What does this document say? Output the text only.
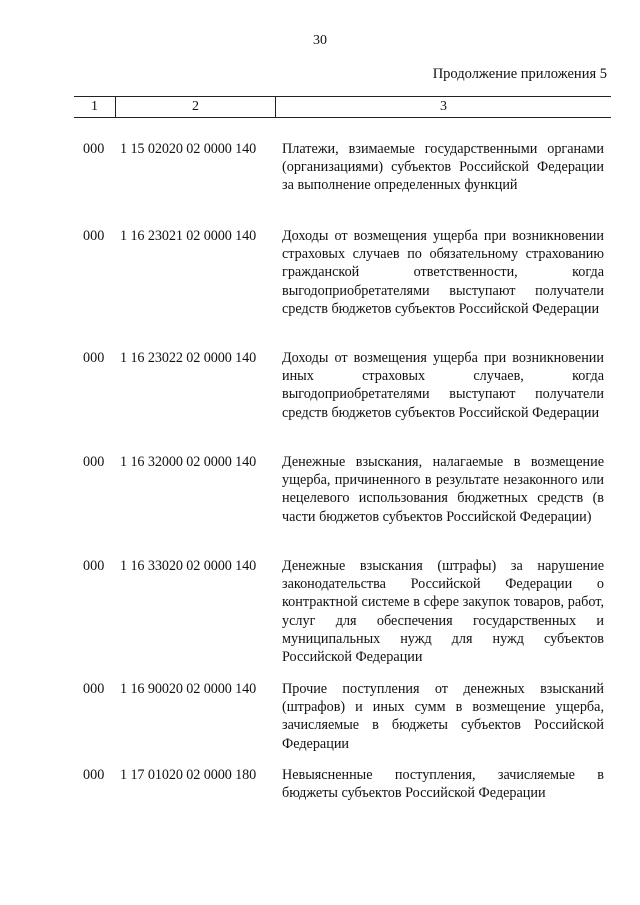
30
Продолжение приложения 5
1	2	3
000 1 15 02020 02 0000 140 Платежи, взимаемые государственными органами (организациями) субъектов Российской Федерации за выполнение определенных функций
000 1 16 23021 02 0000 140 Доходы от возмещения ущерба при возникновении страховых случаев по обязательному страхованию гражданской ответственности, когда выгодоприобретателями выступают получатели средств бюджетов субъектов Российской Федерации
000 1 16 23022 02 0000 140 Доходы от возмещения ущерба при возникновении иных страховых случаев, когда выгодоприобретателями выступают получатели средств бюджетов субъектов Российской Федерации
000 1 16 32000 02 0000 140 Денежные взыскания, налагаемые в возмещение ущерба, причиненного в результате незаконного или нецелевого использования бюджетных средств (в части бюджетов субъектов Российской Федерации)
000 1 16 33020 02 0000 140 Денежные взыскания (штрафы) за нарушение законодательства Российской Федерации о контрактной системе в сфере закупок товаров, работ, услуг для обеспечения государственных и муниципальных нужд для нужд субъектов Российской Федерации
000 1 16 90020 02 0000 140 Прочие поступления от денежных взысканий (штрафов) и иных сумм в возмещение ущерба, зачисляемые в бюджеты субъектов Российской Федерации
000 1 17 01020 02 0000 180 Невыясненные поступления, зачисляемые в бюджеты субъектов Российской Федерации
